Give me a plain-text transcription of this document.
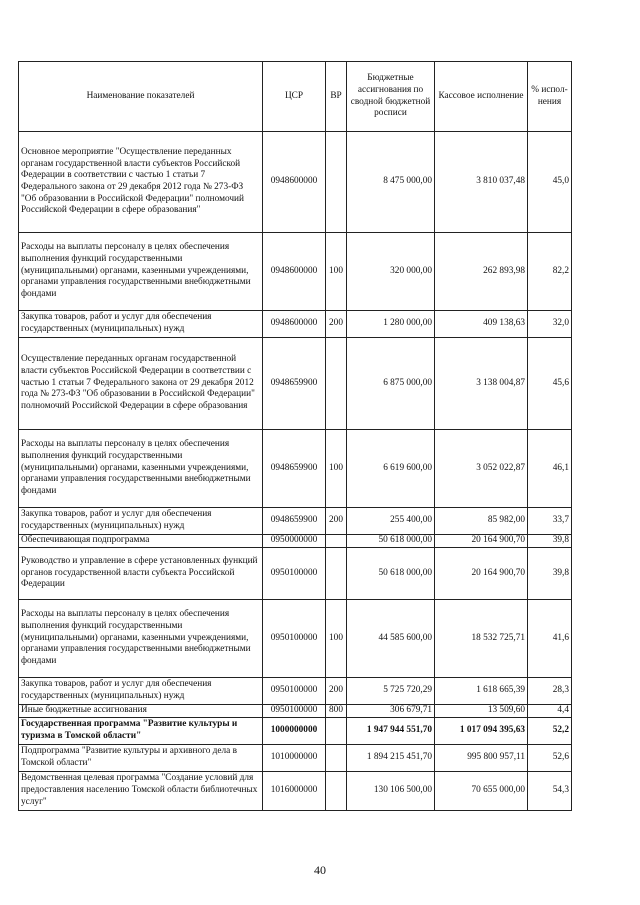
Наименование показателей	ЦСР	ВР	Бюджетные ассигнования по сводной бюджетной росписи	Кассовое исполнение	% испол-нения
Основное мероприятие "Осуществление переданных органам государственной власти субъектов Российской Федерации в соответствии с частью 1 статьи 7 Федерального закона от 29 декабря 2012 года № 273-ФЗ "Об образовании в Российской Федерации" полномочий Российской Федерации в сфере образования"	0948600000		8 475 000,00	3 810 037,48	45,0
Расходы на выплаты персоналу в целях обеспечения выполнения функций государственными (муниципальными) органами, казенными учреждениями, органами управления государственными внебюджетными фондами	0948600000	100	320 000,00	262 893,98	82,2
Закупка товаров, работ и услуг для обеспечения государственных (муниципальных) нужд	0948600000	200	1 280 000,00	409 138,63	32,0
Осуществление переданных органам государственной власти субъектов Российской Федерации в соответствии с частью 1 статьи 7 Федерального закона от 29 декабря 2012 года № 273-ФЗ "Об образовании в Российской Федерации" полномочий Российской Федерации в сфере образования	0948659900		6 875 000,00	3 138 004,87	45,6
Расходы на выплаты персоналу в целях обеспечения выполнения функций государственными (муниципальными) органами, казенными учреждениями, органами управления государственными внебюджетными фондами	0948659900	100	6 619 600,00	3 052 022,87	46,1
Закупка товаров, работ и услуг для обеспечения государственных (муниципальных) нужд	0948659900	200	255 400,00	85 982,00	33,7
Обеспечивающая подпрограмма	0950000000		50 618 000,00	20 164 900,70	39,8
Руководство и управление в сфере установленных функций органов государственной власти субъекта Российской Федерации	0950100000		50 618 000,00	20 164 900,70	39,8
Расходы на выплаты персоналу в целях обеспечения выполнения функций государственными (муниципальными) органами, казенными учреждениями, органами управления государственными внебюджетными фондами	0950100000	100	44 585 600,00	18 532 725,71	41,6
Закупка товаров, работ и услуг для обеспечения государственных (муниципальных) нужд	0950100000	200	5 725 720,29	1 618 665,39	28,3
Иные бюджетные ассигнования	0950100000	800	306 679,71	13 509,60	4,4
Государственная программа "Развитие культуры и туризма в Томской области"	1000000000		1 947 944 551,70	1 017 094 395,63	52,2
Подпрограмма "Развитие культуры и архивного дела в Томской области"	1010000000		1 894 215 451,70	995 800 957,11	52,6
Ведомственная целевая программа "Создание условий для предоставления населению Томской области библиотечных услуг"	1016000000		130 106 500,00	70 655 000,00	54,3
40
